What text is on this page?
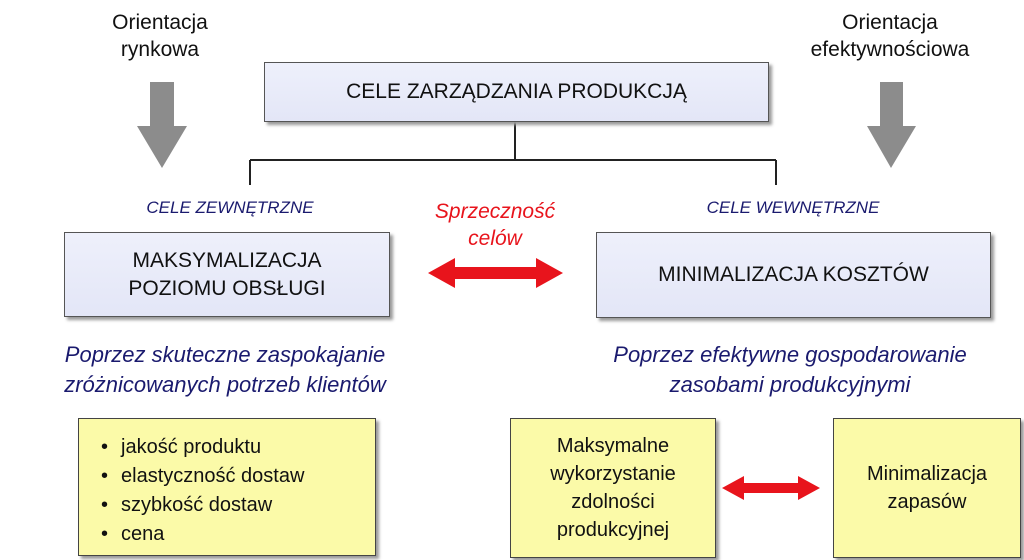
Orientacja
rynkowa
Orientacja
efektywnościowa
CELE ZARZĄDZANIA PRODUKCJĄ
CELE ZEWNĘTRZNE	CELE WEWNĘTRZNE
Sprzeczność
celów
MAKSYMALIZACJA
POZIOMU OBSŁUGI
MINIMALIZACJA KOSZTÓW
Poprzez skuteczne zaspokajanie
zróżnicowanych potrzeb klientów
Poprzez efektywne gospodarowanie
zasobami produkcyjnymi
• jakość produktu
• elastyczność dostaw
• szybkość dostaw
• cena
Maksymalne
wykorzystanie
zdolności
produkcyjnej
Minimalizacja
zapasów
